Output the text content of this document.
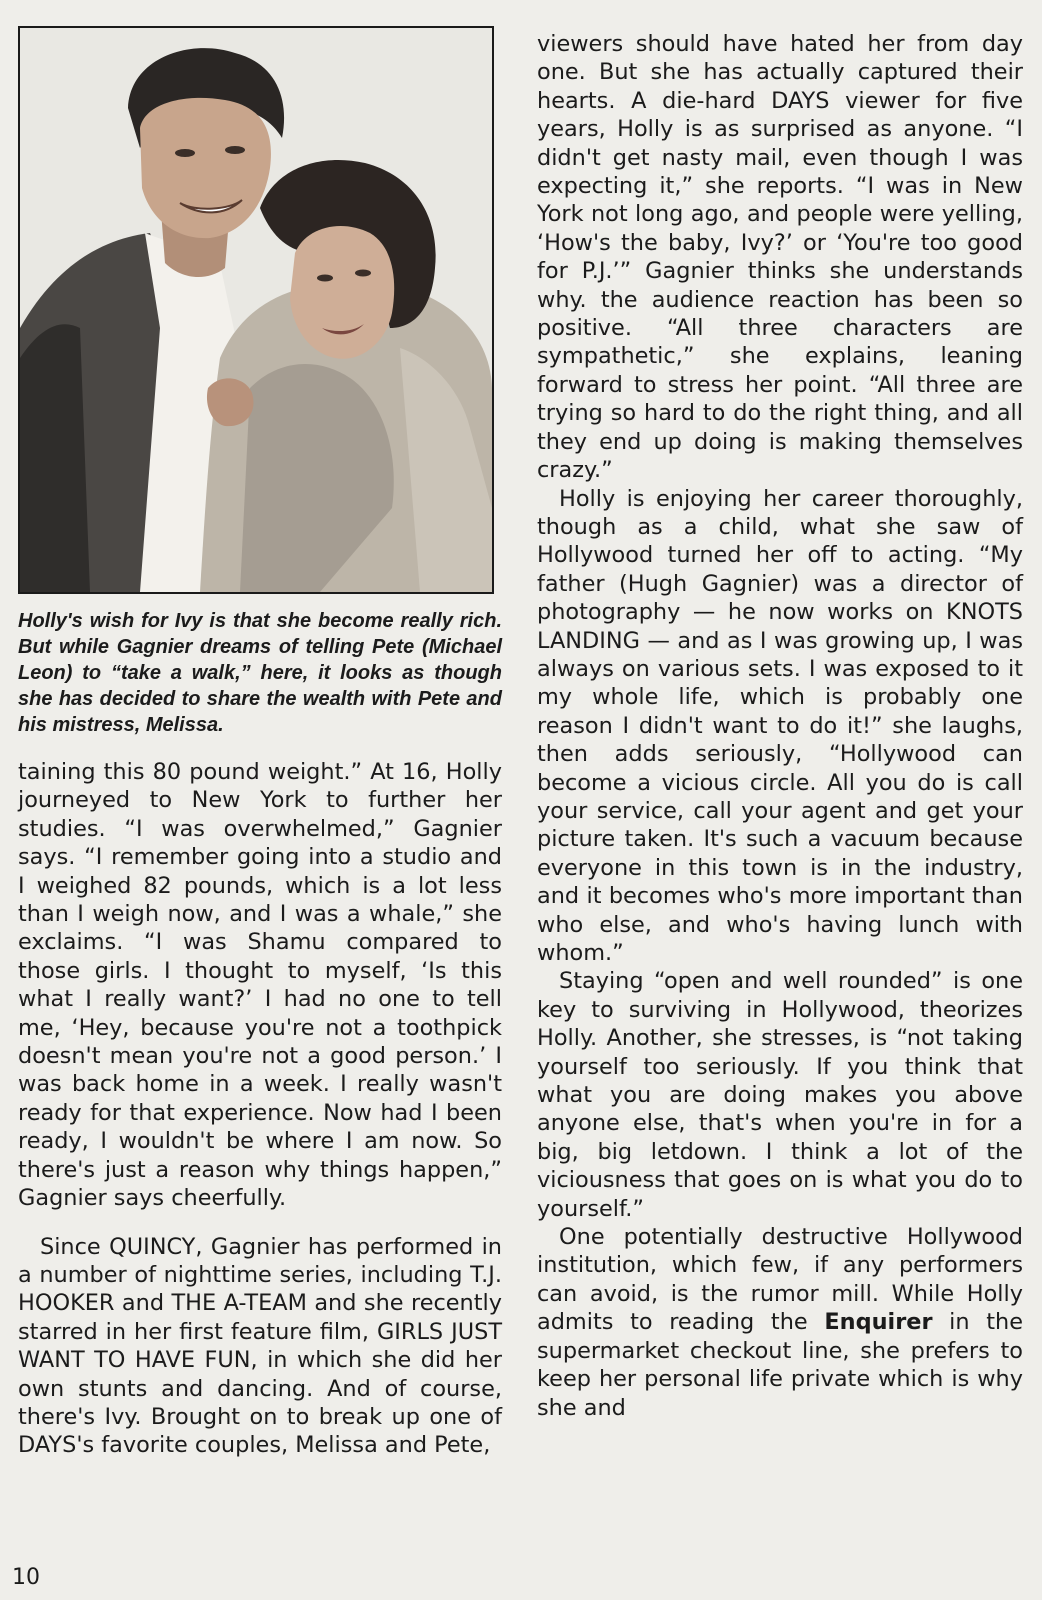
Holly's wish for Ivy is that she become really rich. But while Gagnier dreams of telling Pete (Michael Leon) to “take a walk,” here, it looks as though she has decided to share the wealth with Pete and his mistress, Melissa.

taining this 80 pound weight.” At 16, Holly journeyed to New York to further her studies. “I was overwhelmed,” Gagnier says. “I remember going into a studio and I weighed 82 pounds, which is a lot less than I weigh now, and I was a whale,” she exclaims. “I was Shamu compared to those girls. I thought to myself, ‘Is this what I really want?’ I had no one to tell me, ‘Hey, because you're not a toothpick doesn't mean you're not a good person.’ I was back home in a week. I really wasn't ready for that experience. Now had I been ready, I wouldn't be where I am now. So there's just a reason why things happen,” Gagnier says cheerfully.

Since QUINCY, Gagnier has performed in a number of nighttime series, including T.J. HOOKER and THE A-TEAM and she recently starred in her first feature film, GIRLS JUST WANT TO HAVE FUN, in which she did her own stunts and dancing. And of course, there's Ivy. Brought on to break up one of DAYS's favorite couples, Melissa and Pete,

viewers should have hated her from day one. But she has actually captured their hearts. A die-hard DAYS viewer for five years, Holly is as surprised as anyone. “I didn't get nasty mail, even though I was expecting it,” she reports. “I was in New York not long ago, and people were yelling, ‘How's the baby, Ivy?’ or ‘You're too good for P.J.’” Gagnier thinks she understands why. the audience reaction has been so positive. “All three characters are sympathetic,” she explains, leaning forward to stress her point. “All three are trying so hard to do the right thing, and all they end up doing is making themselves crazy.”

Holly is enjoying her career thoroughly, though as a child, what she saw of Hollywood turned her off to acting. “My father (Hugh Gagnier) was a director of photography — he now works on KNOTS LANDING — and as I was growing up, I was always on various sets. I was exposed to it my whole life, which is probably one reason I didn't want to do it!” she laughs, then adds seriously, “Hollywood can become a vicious circle. All you do is call your service, call your agent and get your picture taken. It's such a vacuum because everyone in this town is in the industry, and it becomes who's more important than who else, and who's having lunch with whom.”

Staying “open and well rounded” is one key to surviving in Hollywood, theorizes Holly. Another, she stresses, is “not taking yourself too seriously. If you think that what you are doing makes you above anyone else, that's when you're in for a big, big letdown. I think a lot of the viciousness that goes on is what you do to yourself.”

One potentially destructive Hollywood institution, which few, if any performers can avoid, is the rumor mill. While Holly admits to reading the Enquirer in the supermarket checkout line, she prefers to keep her personal life private which is why she and

10
